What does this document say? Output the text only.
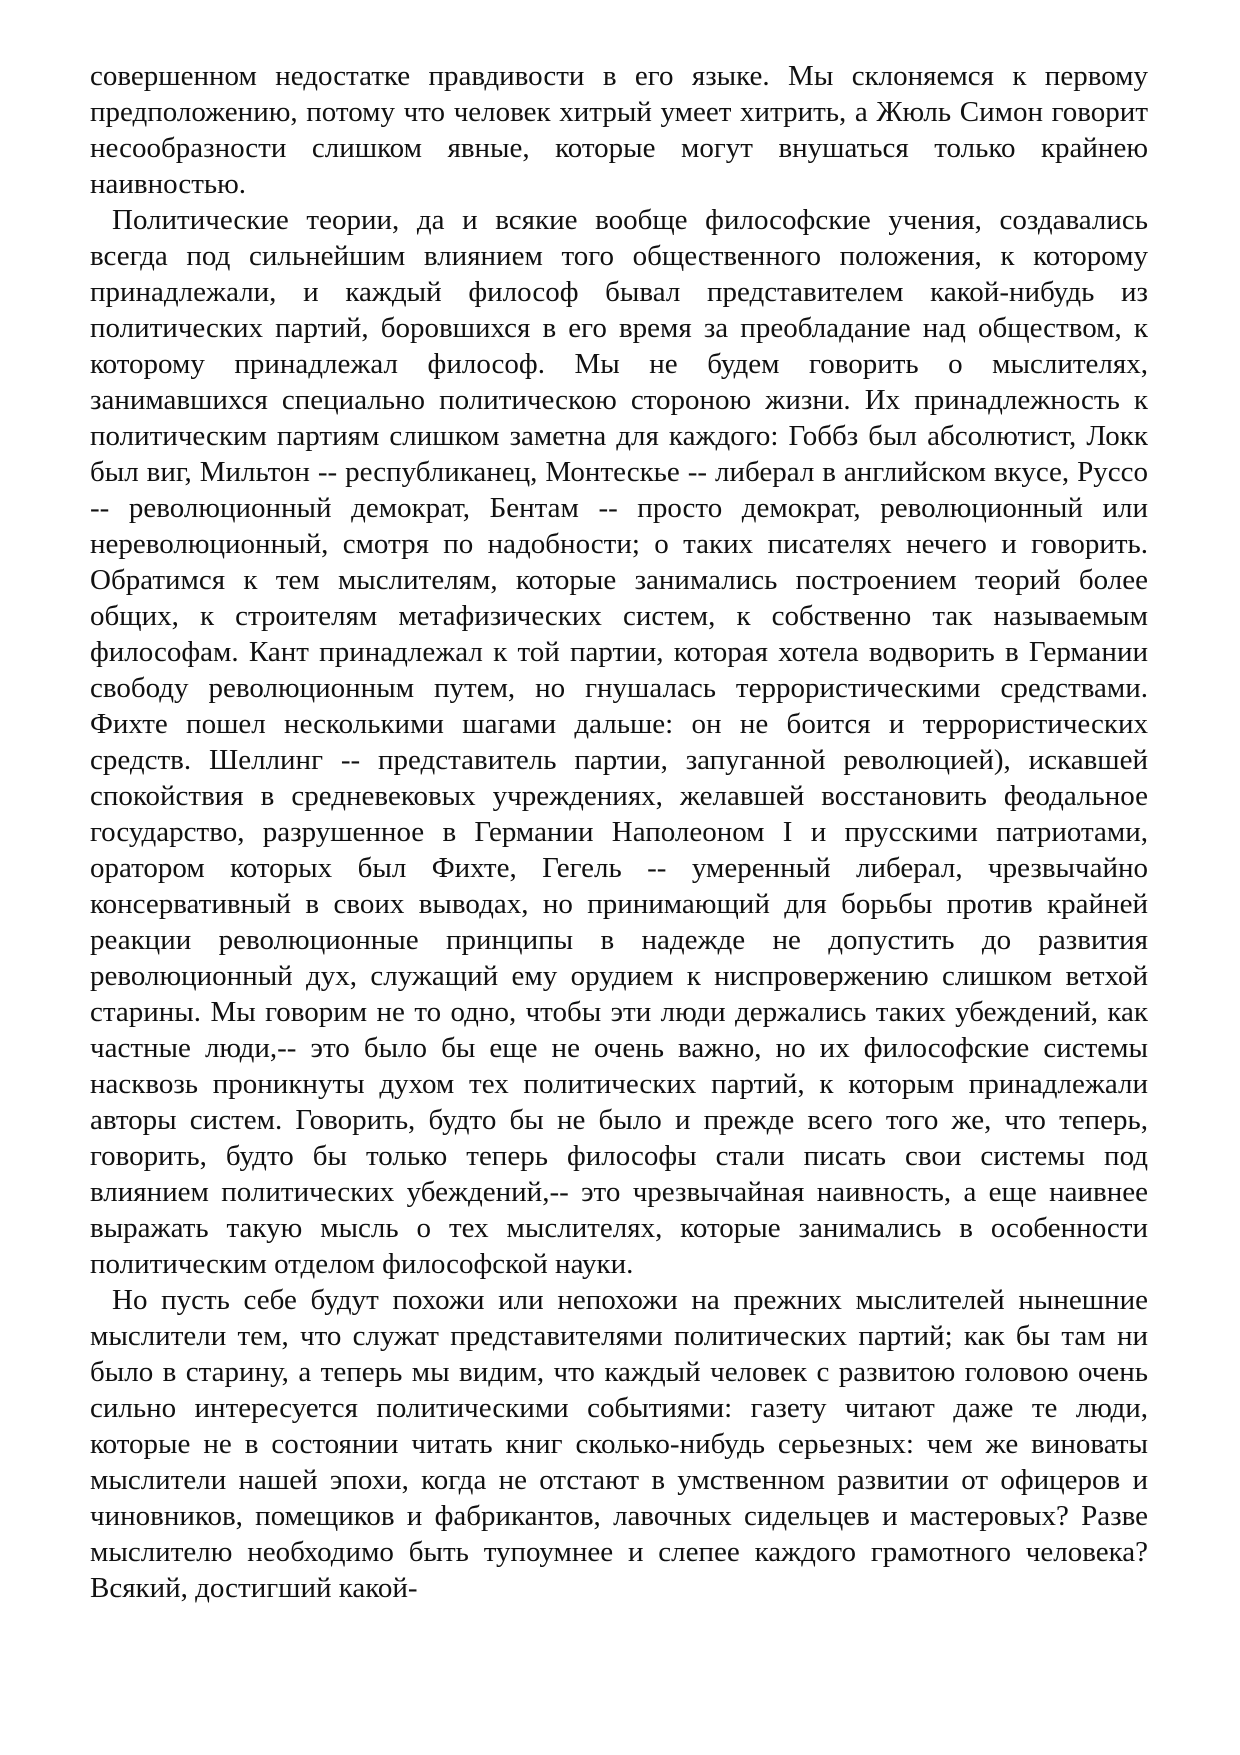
совершенном недостатке правдивости в его языке. Мы склоняемся к первому предположению, потому что человек хитрый умеет хитрить, а Жюль Симон говорит несообразности слишком явные, которые могут внушаться только крайнею наивностью.

Политические теории, да и всякие вообще философские учения, создавались всегда под сильнейшим влиянием того общественного положения, к которому принадлежали, и каждый философ бывал представителем какой-нибудь из политических партий, боровшихся в его время за преобладание над обществом, к которому принадлежал философ. Мы не будем говорить о мыслителях, занимавшихся специально политическою стороною жизни. Их принадлежность к политическим партиям слишком заметна для каждого: Гоббз был абсолютист, Локк был виг, Мильтон -- республиканец, Монтескье -- либерал в английском вкусе, Руссо -- революционный демократ, Бентам -- просто демократ, революционный или нереволюционный, смотря по надобности; о таких писателях нечего и говорить. Обратимся к тем мыслителям, которые занимались построением теорий более общих, к строителям метафизических систем, к собственно так называемым философам. Кант принадлежал к той партии, которая хотела водворить в Германии свободу революционным путем, но гнушалась террористическими средствами. Фихте пошел несколькими шагами дальше: он не боится и террористических средств. Шеллинг -- представитель партии, запуганной революцией), искавшей спокойствия в средневековых учреждениях, желавшей восстановить феодальное государство, разрушенное в Германии Наполеоном I и прусскими патриотами, оратором которых был Фихте, Гегель -- умеренный либерал, чрезвычайно консервативный в своих выводах, но принимающий для борьбы против крайней реакции революционные принципы в надежде не допустить до развития революционный дух, служащий ему орудием к ниспровержению слишком ветхой старины. Мы говорим не то одно, чтобы эти люди держались таких убеждений, как частные люди,-- это было бы еще не очень важно, но их философские системы насквозь проникнуты духом тех политических партий, к которым принадлежали авторы систем. Говорить, будто бы не было и прежде всего того же, что теперь, говорить, будто бы только теперь философы стали писать свои системы под влиянием политических убеждений,-- это чрезвычайная наивность, а еще наивнее выражать такую мысль о тех мыслителях, которые занимались в особенности политическим отделом философской науки.

Но пусть себе будут похожи или непохожи на прежних мыслителей нынешние мыслители тем, что служат представителями политических партий; как бы там ни было в старину, а теперь мы видим, что каждый человек с развитою головою очень сильно интересуется политическими событиями: газету читают даже те люди, которые не в состоянии читать книг сколько-нибудь серьезных: чем же виноваты мыслители нашей эпохи, когда не отстают в умственном развитии от офицеров и чиновников, помещиков и фабрикантов, лавочных сидельцев и мастеровых? Разве мыслителю необходимо быть тупоумнее и слепее каждого грамотного человека? Всякий, достигший какой-
